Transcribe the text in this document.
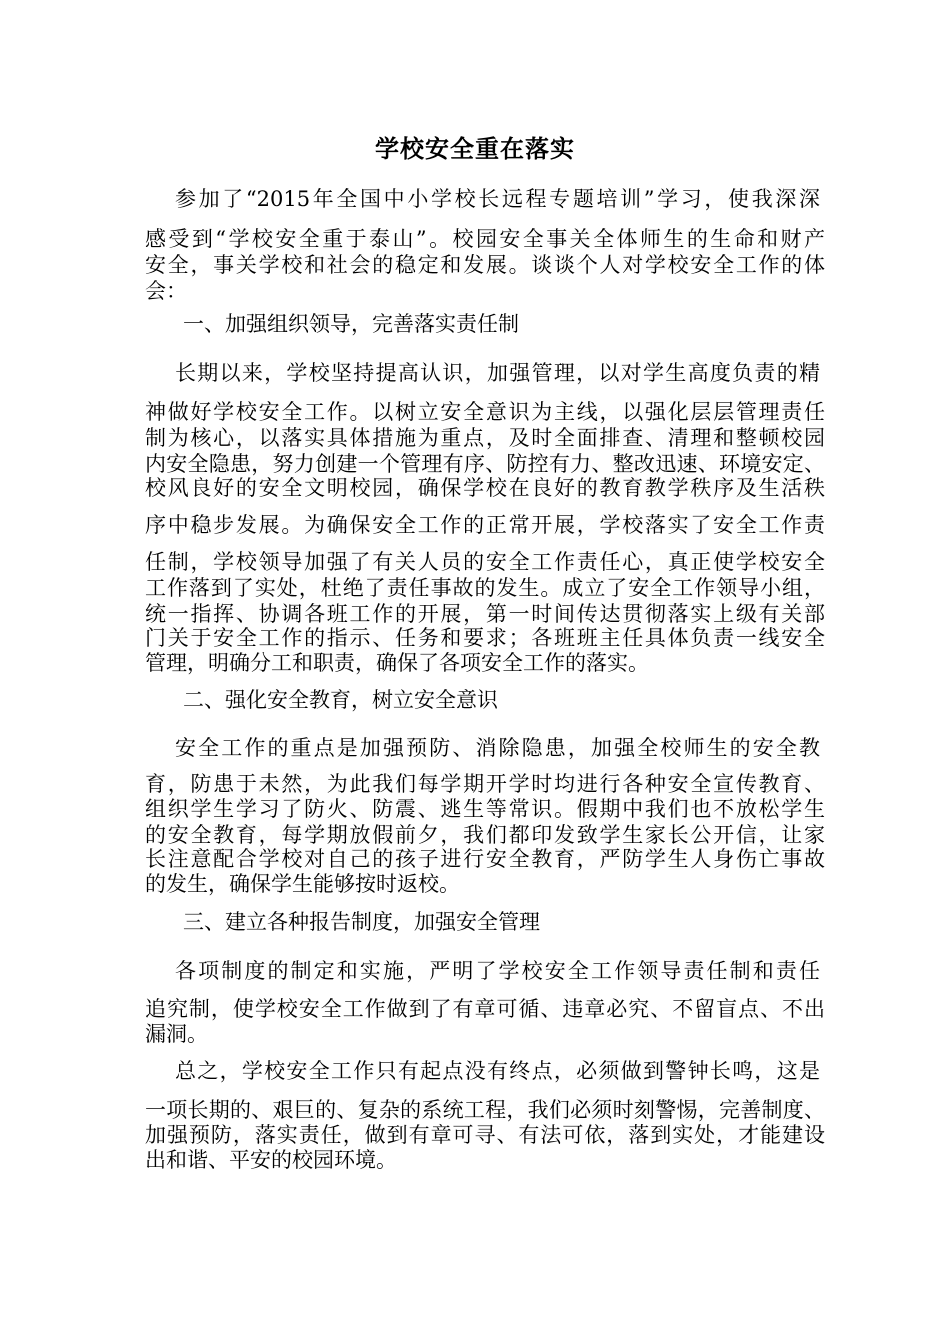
学校安全重在落实

参加了“2015年全国中小学校长远程专题培训”学习，使我深深

感受到“学校安全重于泰山”。校园安全事关全体师生的生命和财产

安全，事关学校和社会的稳定和发展。谈谈个人对学校安全工作的体

会：

一、加强组织领导，完善落实责任制

长期以来，学校坚持提高认识，加强管理，以对学生高度负责的精

神做好学校安全工作。以树立安全意识为主线，以强化层层管理责任

制为核心，以落实具体措施为重点，及时全面排查、清理和整顿校园

内安全隐患，努力创建一个管理有序、防控有力、整改迅速、环境安定、

校风良好的安全文明校园，确保学校在良好的教育教学秩序及生活秩

序中稳步发展。为确保安全工作的正常开展，学校落实了安全工作责

任制，学校领导加强了有关人员的安全工作责任心，真正使学校安全

工作落到了实处，杜绝了责任事故的发生。成立了安全工作领导小组，

统一指挥、协调各班工作的开展，第一时间传达贯彻落实上级有关部

门关于安全工作的指示、任务和要求；各班班主任具体负责一线安全

管理，明确分工和职责，确保了各项安全工作的落实。

二、强化安全教育，树立安全意识

安全工作的重点是加强预防、消除隐患，加强全校师生的安全教

育，防患于未然，为此我们每学期开学时均进行各种安全宣传教育、

组织学生学习了防火、防震、逃生等常识。假期中我们也不放松学生

的安全教育，每学期放假前夕，我们都印发致学生家长公开信，让家

长注意配合学校对自己的孩子进行安全教育，严防学生人身伤亡事故

的发生，确保学生能够按时返校。

三、建立各种报告制度，加强安全管理

各项制度的制定和实施，严明了学校安全工作领导责任制和责任

追究制，使学校安全工作做到了有章可循、违章必究、不留盲点、不出

漏洞。

总之，学校安全工作只有起点没有终点，必须做到警钟长鸣，这是

一项长期的、艰巨的、复杂的系统工程，我们必须时刻警惕，完善制度、

加强预防，落实责任，做到有章可寻、有法可依，落到实处，才能建设

出和谐、平安的校园环境。
